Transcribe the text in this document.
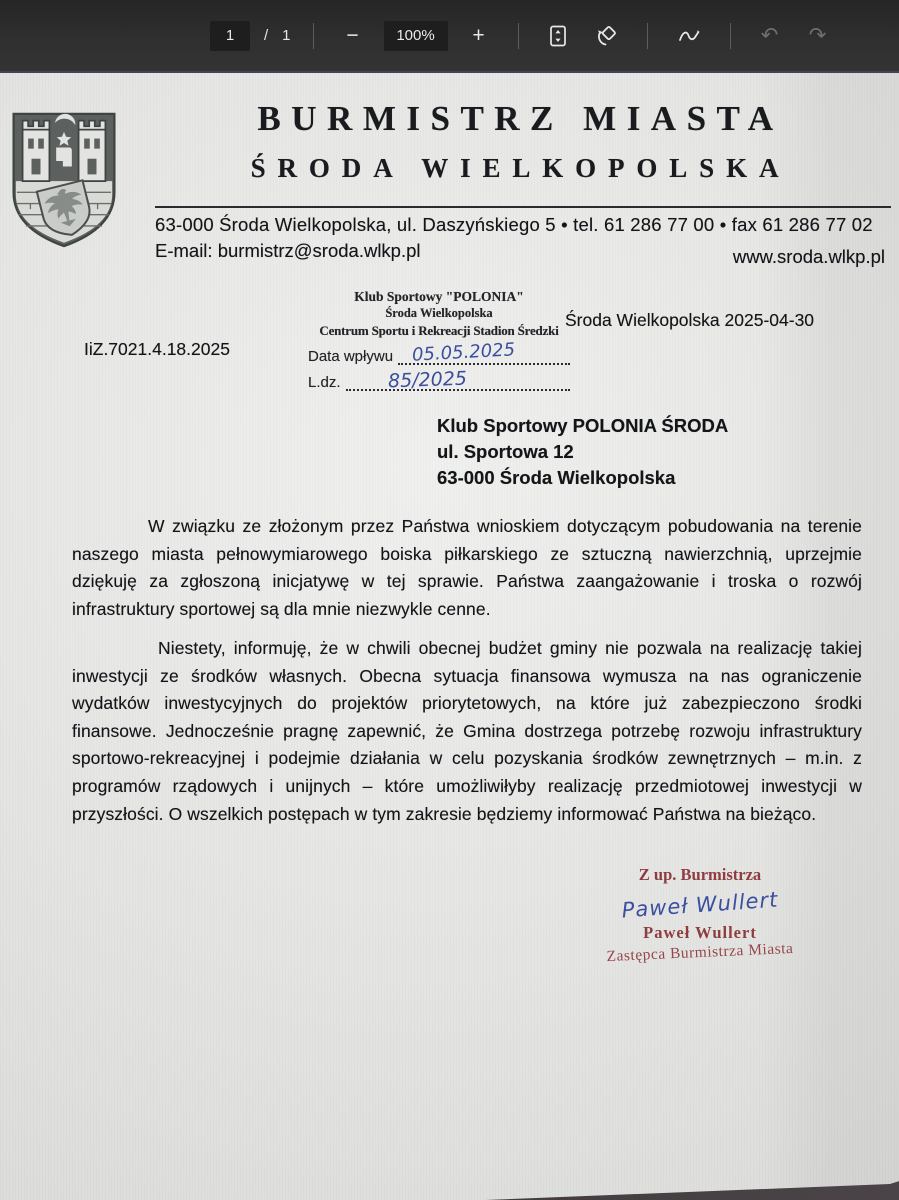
1	/ 1	−	100%	+	↶ ↷
BURMISTRZ MIASTA
ŚRODA WIELKOPOLSKA
63-000 Środa Wielkopolska, ul. Daszyńskiego 5 • tel. 61 286 77 00 • fax 61 286 77 02
E-mail: burmistrz@sroda.wlkp.pl	www.sroda.wlkp.pl
Klub Sportowy "POLONIA"
Środa Wielkopolska
Centrum Sportu i Rekreacji Stadion Średzki
Data wpływu 05.05.2025
L.dz. 85/2025
Środa Wielkopolska 2025-04-30
IiZ.7021.4.18.2025
Klub Sportowy POLONIA ŚRODA
ul. Sportowa 12
63-000 Środa Wielkopolska
W związku ze złożonym przez Państwa wnioskiem dotyczącym pobudowania na terenie naszego miasta pełnowymiarowego boiska piłkarskiego ze sztuczną nawierzchnią, uprzejmie dziękuję za zgłoszoną inicjatywę w tej sprawie. Państwa zaangażowanie i troska o rozwój infrastruktury sportowej są dla mnie niezwykle cenne.
Niestety, informuję, że w chwili obecnej budżet gminy nie pozwala na realizację takiej inwestycji ze środków własnych. Obecna sytuacja finansowa wymusza na nas ograniczenie wydatków inwestycyjnych do projektów priorytetowych, na które już zabezpieczono środki finansowe. Jednocześnie pragnę zapewnić, że Gmina dostrzega potrzebę rozwoju infrastruktury sportowo-rekreacyjnej i podejmie działania w celu pozyskania środków zewnętrznych – m.in. z programów rządowych i unijnych – które umożliwiłyby realizację przedmiotowej inwestycji w przyszłości. O wszelkich postępach w tym zakresie będziemy informować Państwa na bieżąco.
Z up. Burmistrza
Paweł Wullert
Paweł Wullert
Zastępca Burmistrza Miasta
